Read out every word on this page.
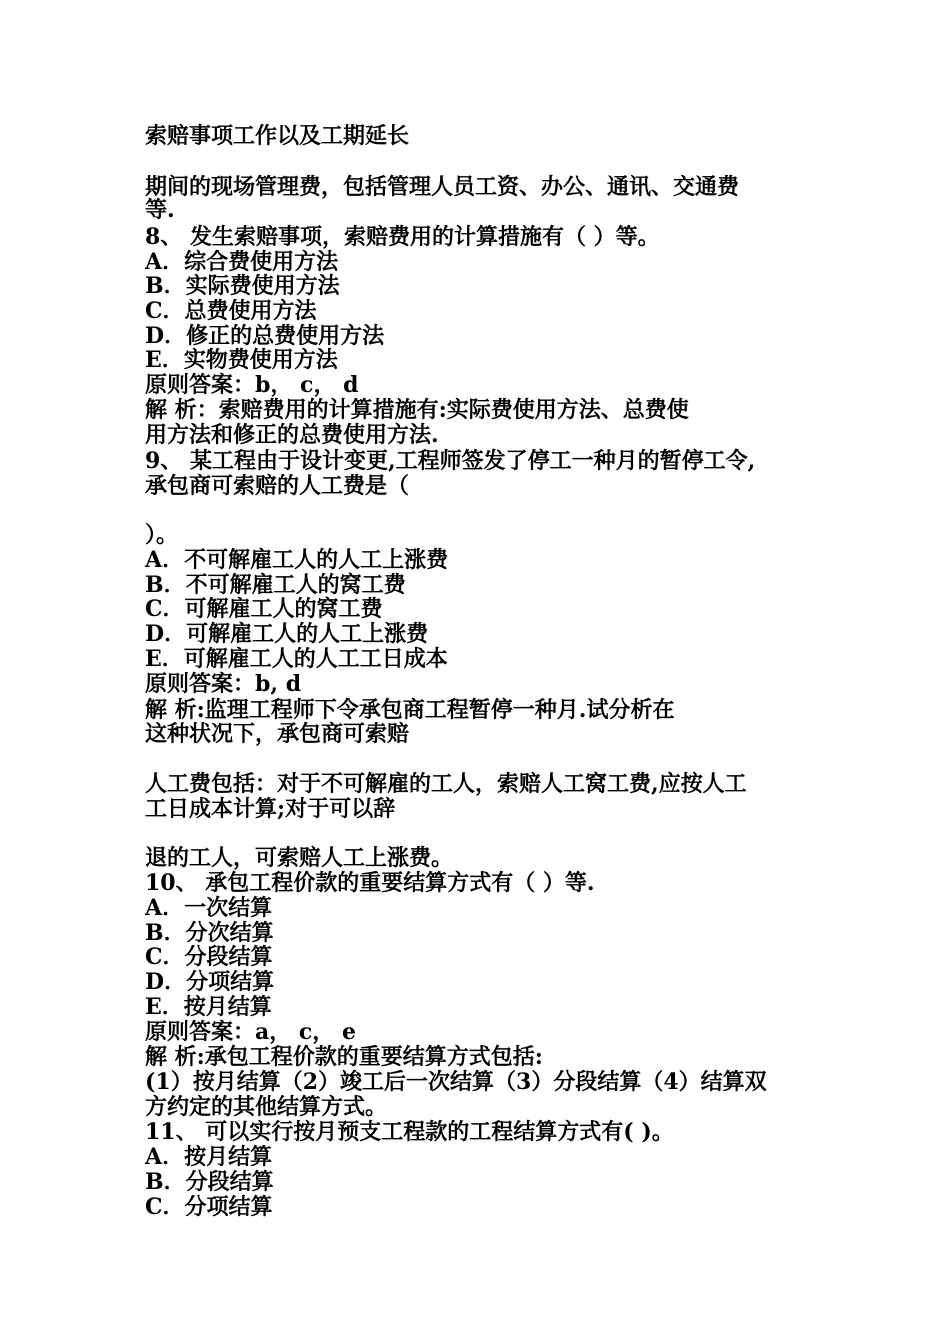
索赔事项工作以及工期延长
期间的现场管理费，包括管理人员工资、办公、通讯、交通费
等.
8、 发生索赔事项，索赔费用的计算措施有（ ）等。
A．综合费使用方法
B．实际费使用方法
C．总费使用方法
D．修正的总费使用方法
E．实物费使用方法
原则答案：b， c， d
解 析：索赔费用的计算措施有:实际费使用方法、总费使
用方法和修正的总费使用方法.
9、 某工程由于设计变更,工程师签发了停工一种月的暂停工令,
承包商可索赔的人工费是（
）。
A．不可解雇工人的人工上涨费
B．不可解雇工人的窝工费
C．可解雇工人的窝工费
D．可解雇工人的人工上涨费
E．可解雇工人的人工工日成本
原则答案：b, d
解 析:监理工程师下令承包商工程暂停一种月.试分析在
这种状况下，承包商可索赔
人工费包括：对于不可解雇的工人，索赔人工窝工费,应按人工
工日成本计算;对于可以辞
退的工人，可索赔人工上涨费。
10、 承包工程价款的重要结算方式有（ ）等.
A．一次结算
B．分次结算
C．分段结算
D．分项结算
E．按月结算
原则答案：a， c， e
解 析:承包工程价款的重要结算方式包括:
(1）按月结算（2）竣工后一次结算（3）分段结算（4）结算双
方约定的其他结算方式。
11、 可以实行按月预支工程款的工程结算方式有( )。
A．按月结算
B．分段结算
C．分项结算
